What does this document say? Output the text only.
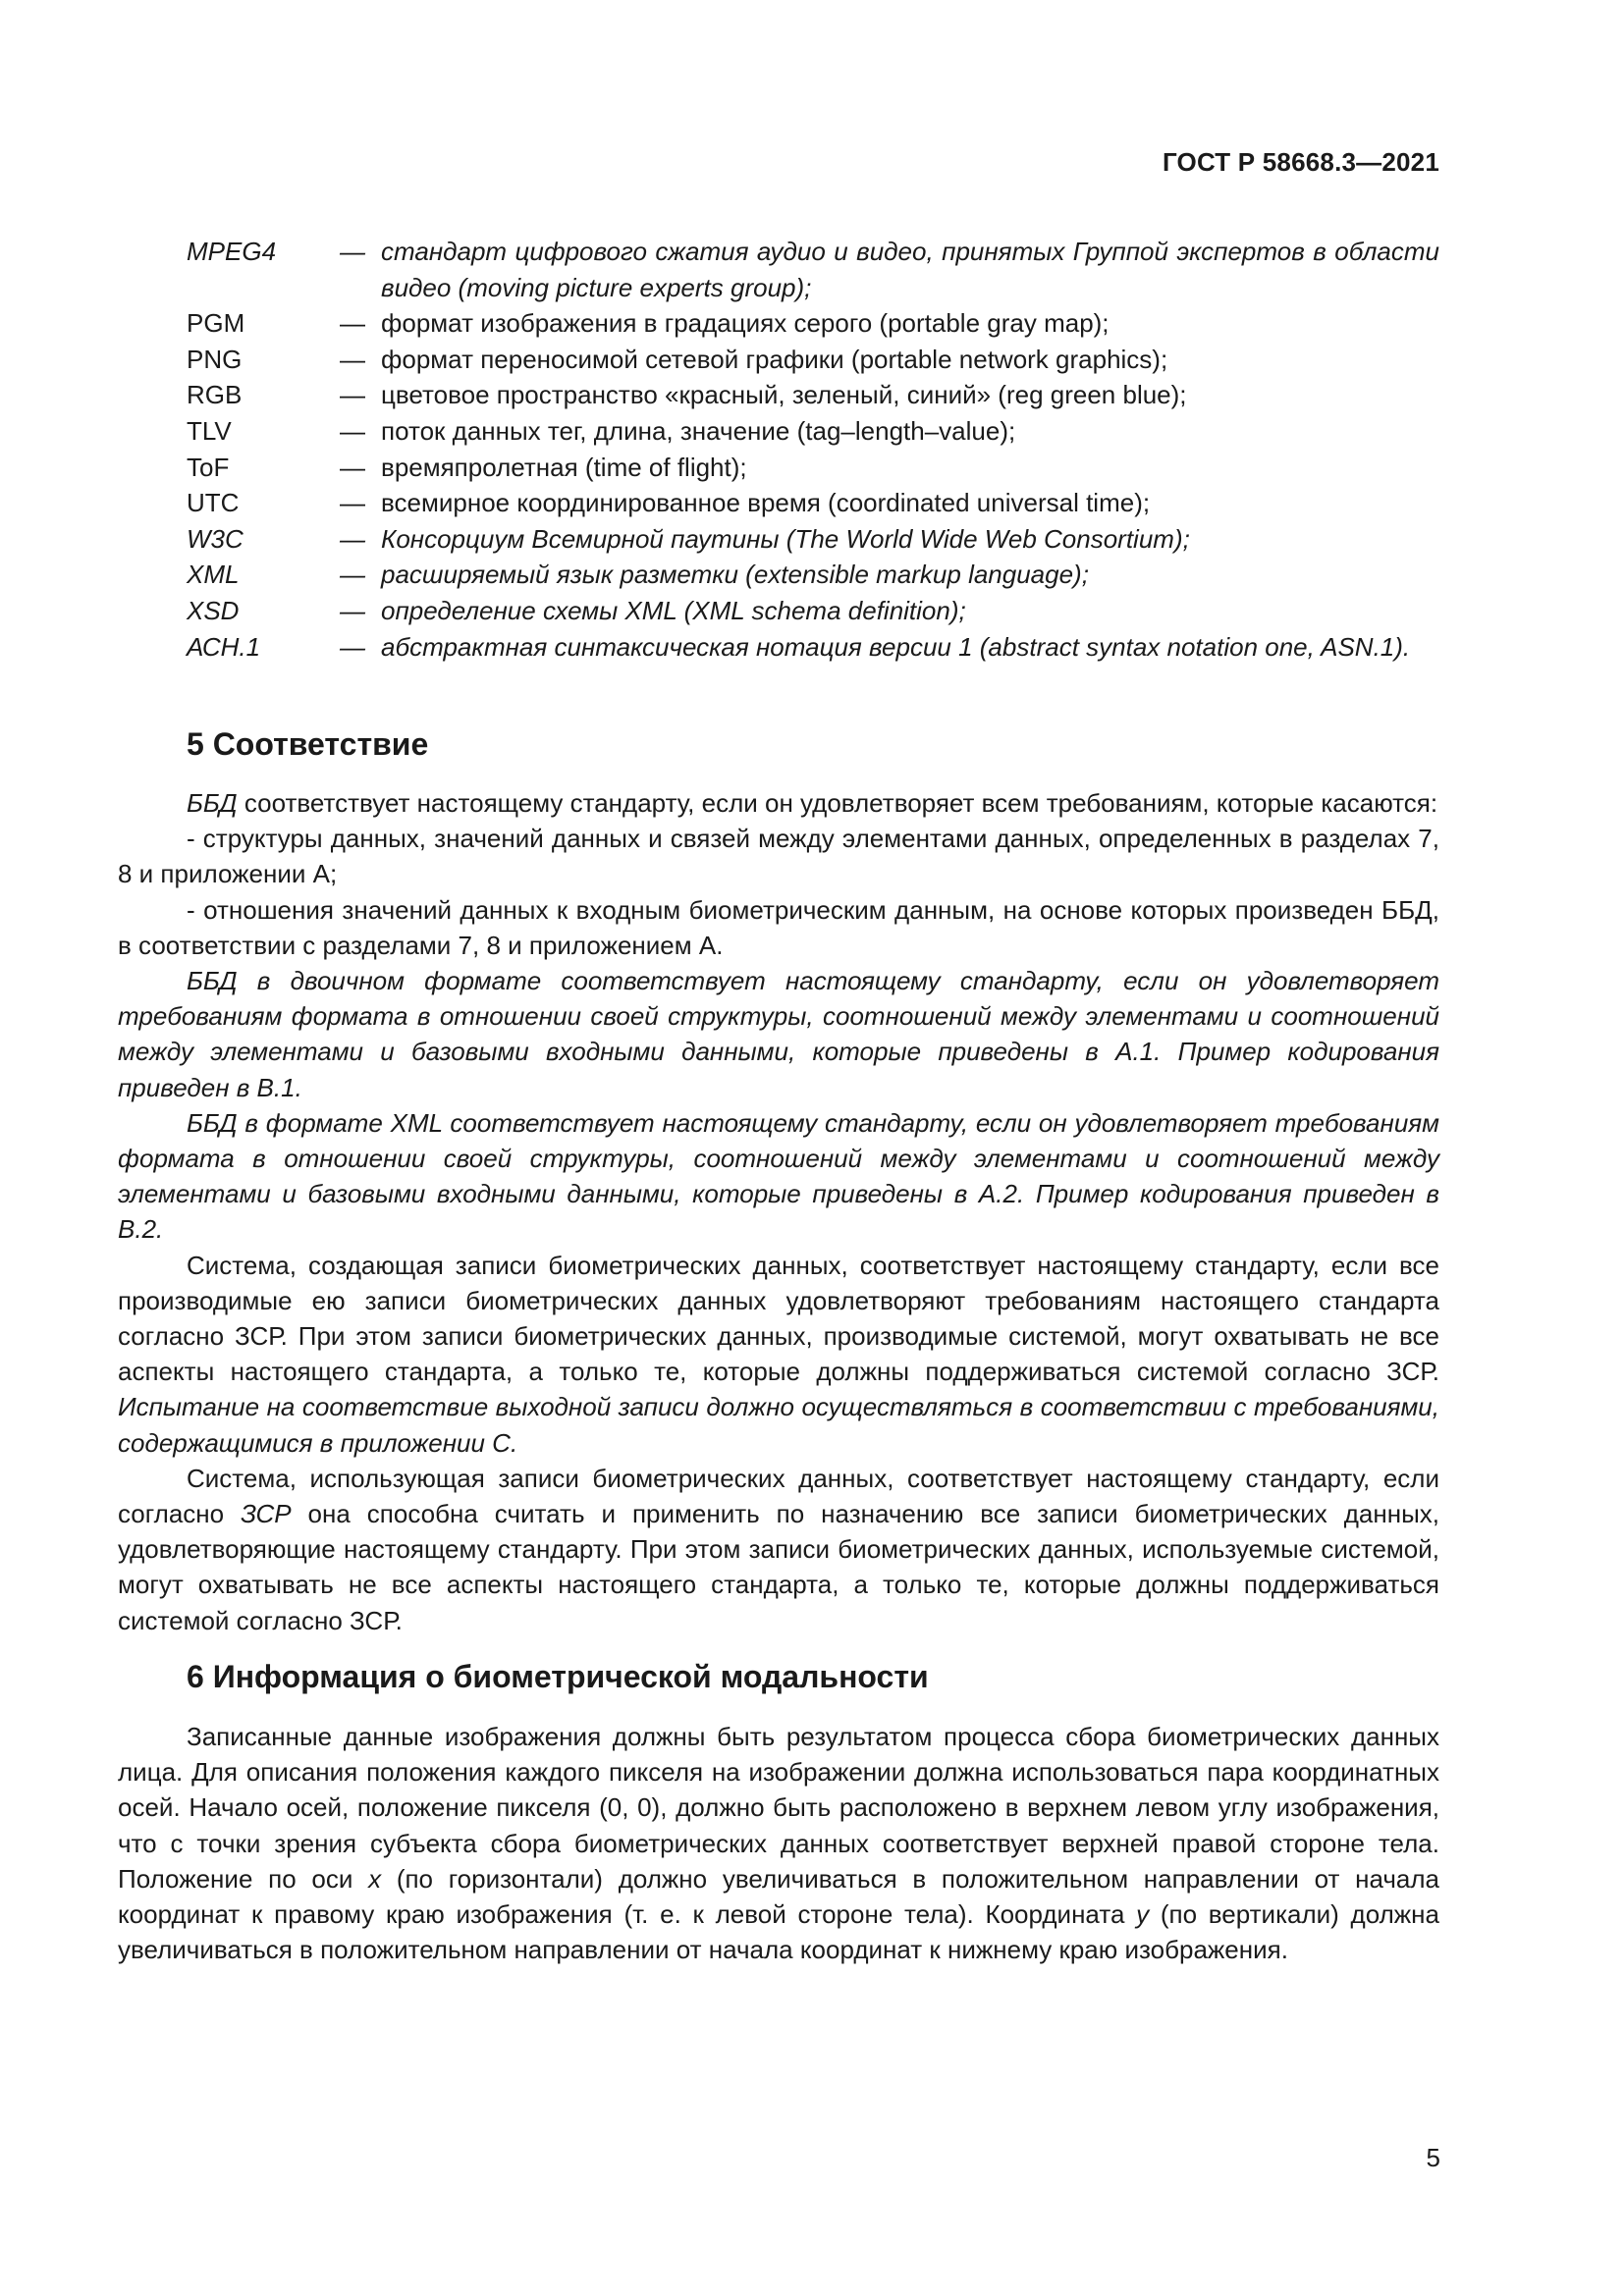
ГОСТ Р 58668.3—2021
MPEG4	— стандарт цифрового сжатия аудио и видео, принятых Группой экспертов в области видео (moving picture experts group);
PGM	— формат изображения в градациях серого (portable gray map);
PNG	— формат переносимой сетевой графики (portable network graphics);
RGB	— цветовое пространство «красный, зеленый, синий» (reg green blue);
TLV	— поток данных тег, длина, значение (tag–length–value);
ToF	— времяпролетная (time of flight);
UTC	— всемирное координированное время (coordinated universal time);
W3C	— Консорциум Всемирной паутины (The World Wide Web Consortium);
XML	— расширяемый язык разметки (extensible markup language);
XSD	— определение схемы XML (XML schema definition);
АСН.1	— абстрактная синтаксическая нотация версии 1 (abstract syntax notation one, ASN.1).
5 Соответствие

ББД соответствует настоящему стандарту, если он удовлетворяет всем требованиям, которые касаются:

- структуры данных, значений данных и связей между элементами данных, определенных в разделах 7, 8 и приложении А;

- отношения значений данных к входным биометрическим данным, на основе которых произведен ББД, в соответствии с разделами 7, 8 и приложением А.

ББД в двоичном формате соответствует настоящему стандарту, если он удовлетворяет требованиям формата в отношении своей структуры, соотношений между элементами и соотношений между элементами и базовыми входными данными, которые приведены в А.1. Пример кодирования приведен в В.1.

ББД в формате XML соответствует настоящему стандарту, если он удовлетворяет требованиям формата в отношении своей структуры, соотношений между элементами и соотношений между элементами и базовыми входными данными, которые приведены в А.2. Пример кодирования приведен в В.2.

Система, создающая записи биометрических данных, соответствует настоящему стандарту, если все производимые ею записи биометрических данных удовлетворяют требованиям настоящего стандарта согласно ЗСР. При этом записи биометрических данных, производимые системой, могут охватывать не все аспекты настоящего стандарта, а только те, которые должны поддерживаться системой согласно ЗСР. Испытание на соответствие выходной записи должно осуществляться в соответствии с требованиями, содержащимися в приложении С.

Система, использующая записи биометрических данных, соответствует настоящему стандарту, если согласно ЗСР она способна считать и применить по назначению все записи биометрических данных, удовлетворяющие настоящему стандарту. При этом записи биометрических данных, используемые системой, могут охватывать не все аспекты настоящего стандарта, а только те, которые должны поддерживаться системой согласно ЗСР.

6 Информация о биометрической модальности

Записанные данные изображения должны быть результатом процесса сбора биометрических данных лица. Для описания положения каждого пикселя на изображении должна использоваться пара координатных осей. Начало осей, положение пикселя (0, 0), должно быть расположено в верхнем левом углу изображения, что с точки зрения субъекта сбора биометрических данных соответствует верхней правой стороне тела. Положение по оси x (по горизонтали) должно увеличиваться в положительном направлении от начала координат к правому краю изображения (т. е. к левой стороне тела). Координата y (по вертикали) должна увеличиваться в положительном направлении от начала координат к нижнему краю изображения.

5
